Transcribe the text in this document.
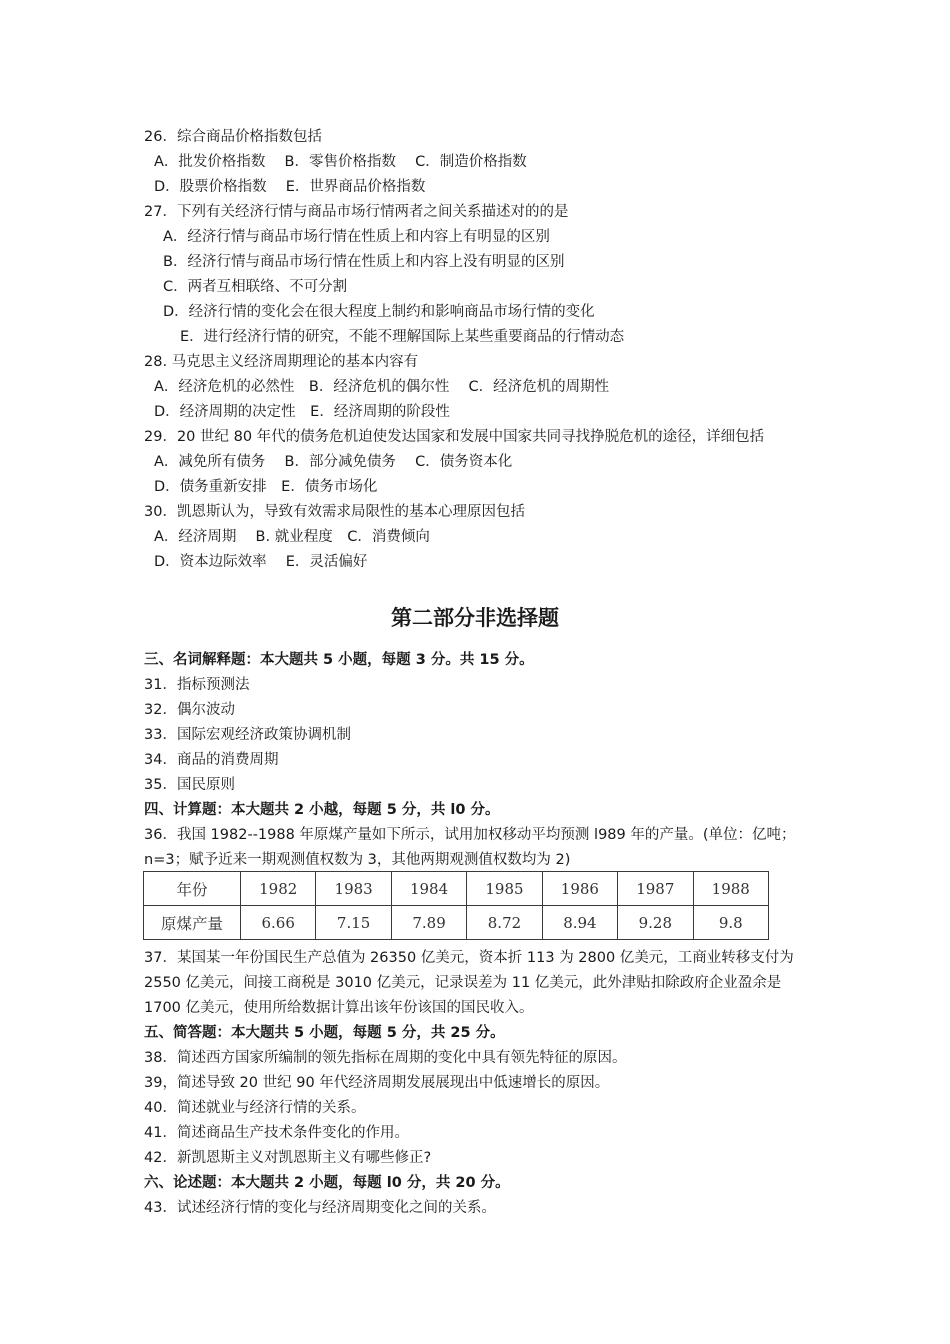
26．综合商品价格指数包括
A．批发价格指数　 B．零售价格指数　 C．制造价格指数
D．股票价格指数　 E．世界商品价格指数
27．下列有关经济行情与商品市场行情两者之间关系描述对的的是
A．经济行情与商品市场行情在性质上和内容上有明显的区别
B．经济行情与商品市场行情在性质上和内容上没有明显的区别
C．两者互相联络、不可分割
D．经济行情的变化会在很大程度上制约和影响商品市场行情的变化
E．进行经济行情的研究，不能不理解国际上某些重要商品的行情动态
28. 马克思主义经济周期理论的基本内容有
A．经济危机的必然性　B．经济危机的偶尔性　 C．经济危机的周期性
D．经济周期的决定性　E．经济周期的阶段性
29．20 世纪 80 年代的债务危机迫使发达国家和发展中国家共同寻找挣脱危机的途径，详细包括
A．减免所有债务　 B．部分减免债务　 C．债务资本化
D．债务重新安排　E．债务市场化
30．凯恩斯认为，导致有效需求局限性的基本心理原因包括
A．经济周期　 B. 就业程度　C．消费倾向
D．资本边际效率　 E．灵活偏好
第二部分非选择题
三、名词解释题：本大题共 5 小题，每题 3 分。共 15 分。
31．指标预测法
32．偶尔波动
33．国际宏观经济政策协调机制
34．商品的消费周期
35．国民原则
四、计算题：本大题共 2 小越，每题 5 分，共 l0 分。
36．我国 1982--1988 年原煤产量如下所示，试用加权移动平均预测 l989 年的产量。(单位：亿吨；
n=3；赋予近来一期观测值权数为 3，其他两期观测值权数均为 2)
年份	1982	1983	1984	1985	1986	1987	1988
原煤产量	6.66	7.15	7.89	8.72	8.94	9.28	9.8
37．某国某一年份国民生产总值为 26350 亿美元，资本折 113 为 2800 亿美元，工商业转移支付为
2550 亿美元，间接工商税是 3010 亿美元，记录误差为 11 亿美元，此外津贴扣除政府企业盈余是
1700 亿美元，使用所给数据计算出该年份该国的国民收入。
五、简答题：本大题共 5 小题，每题 5 分，共 25 分。
38．简述西方国家所编制的领先指标在周期的变化中具有领先特征的原因。
39，简述导致 20 世纪 90 年代经济周期发展展现出中低速增长的原因。
40．简述就业与经济行情的关系。
41．简述商品生产技术条件变化的作用。
42．新凯恩斯主义对凯恩斯主义有哪些修正?
六、论述题：本大题共 2 小题，每题 l0 分，共 20 分。
43．试述经济行情的变化与经济周期变化之间的关系。
